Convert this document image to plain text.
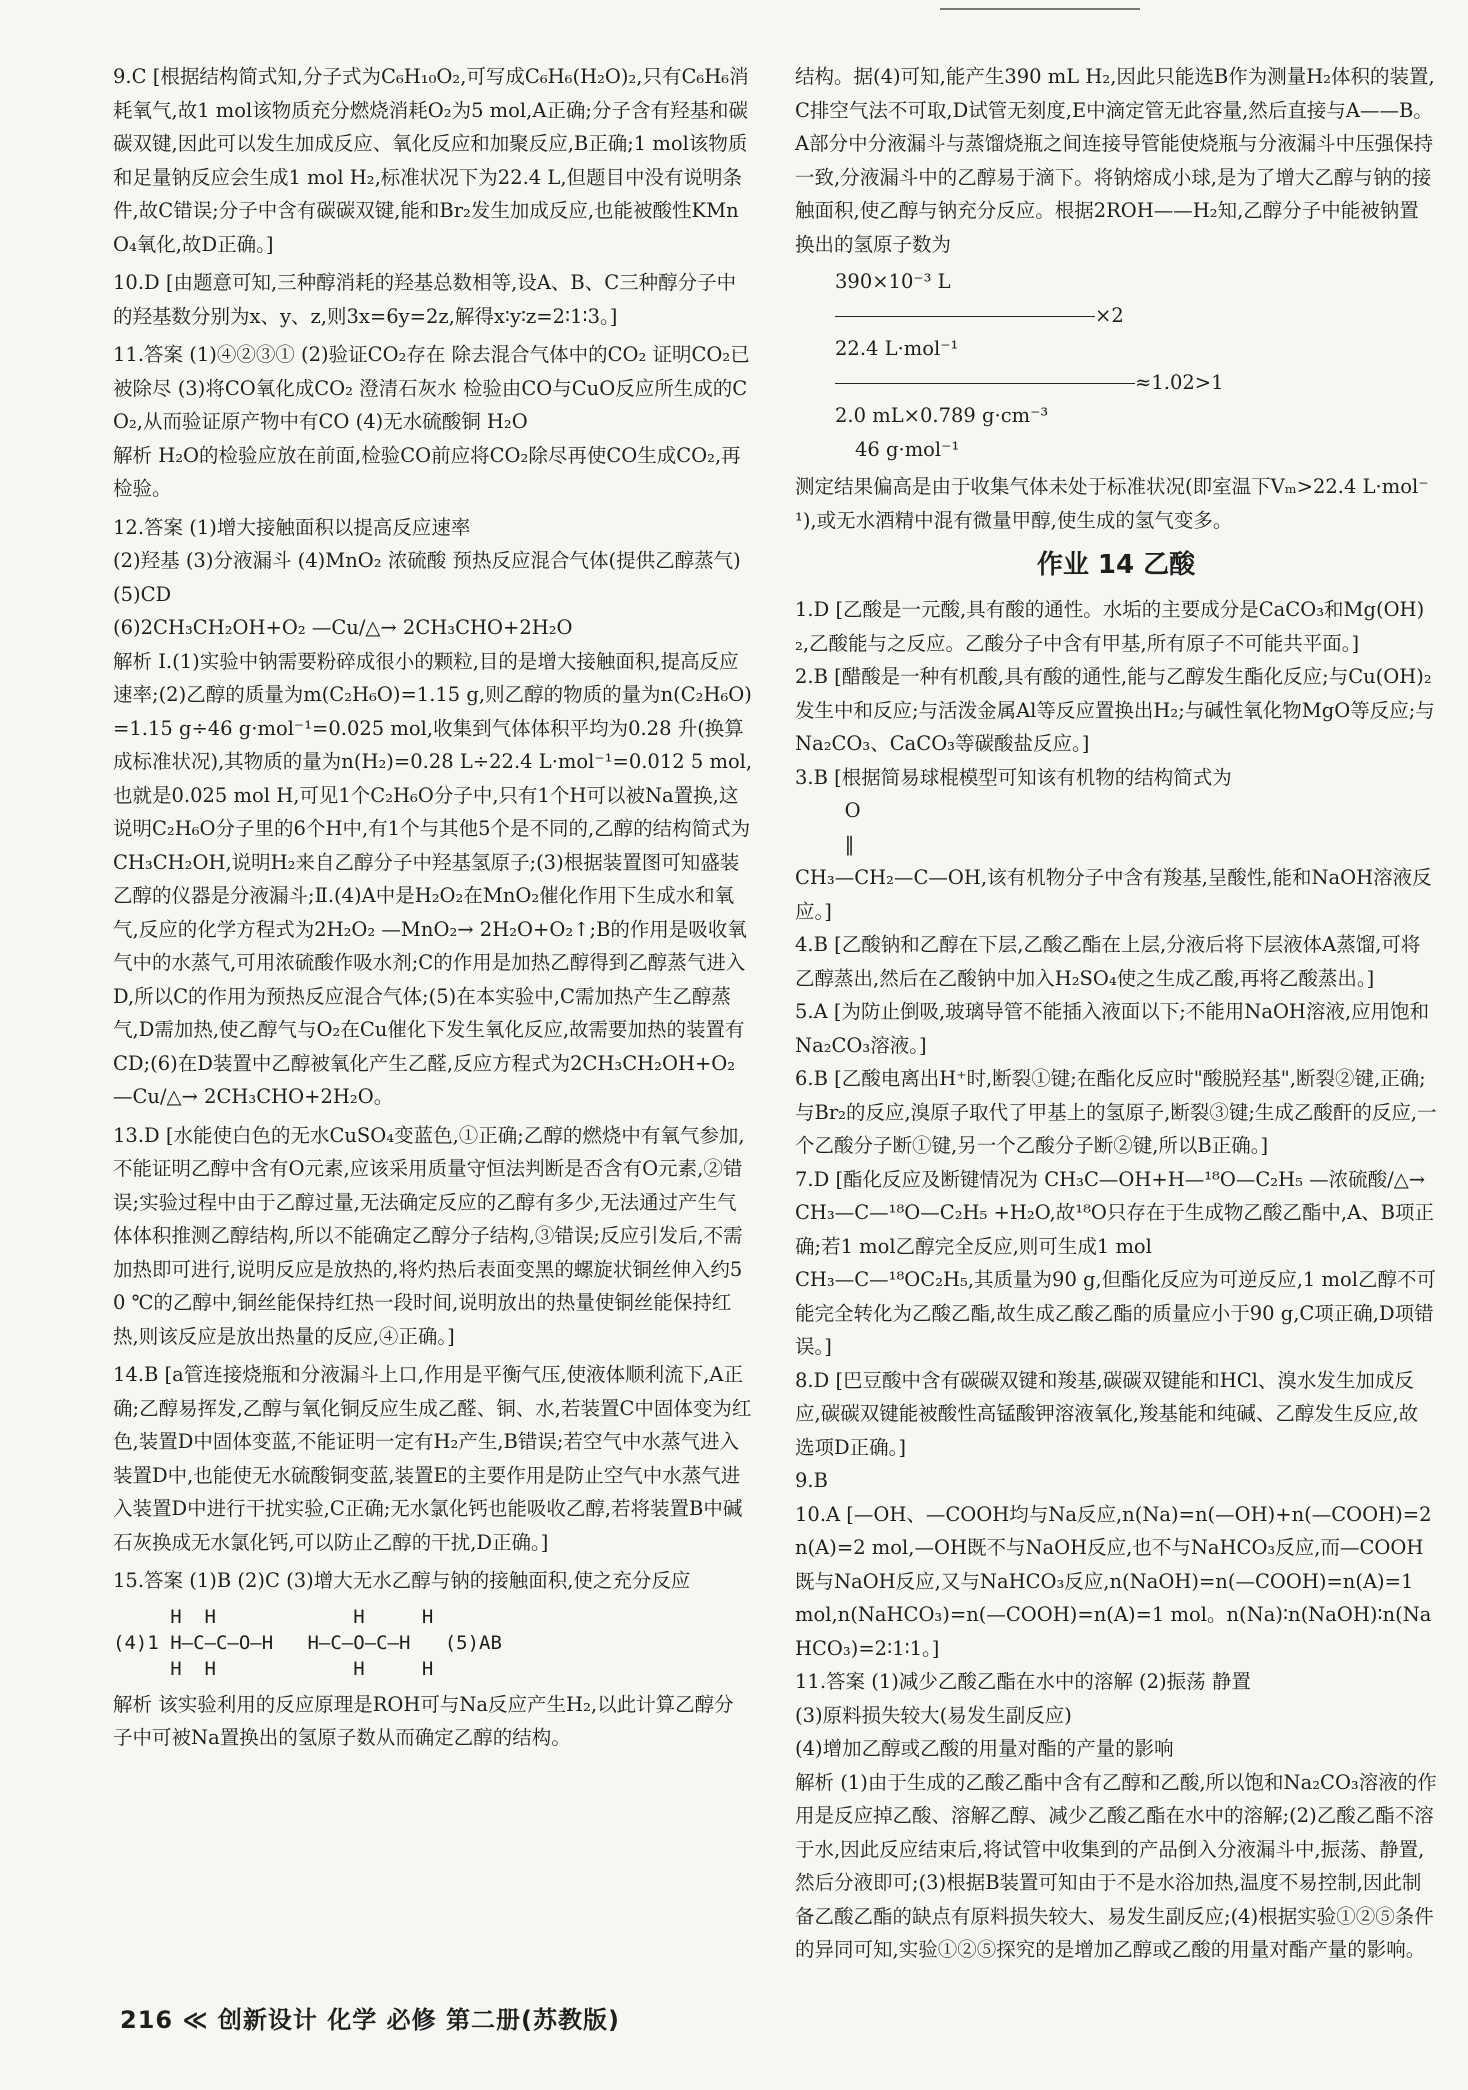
9.C [根据结构简式知,分子式为C₆H₁₀O₂,可写成C₆H₆(H₂O)₂,只有C₆H₆消耗氧气,故1 mol该物质充分燃烧消耗O₂为5 mol,A正确;分子含有羟基和碳碳双键,因此可以发生加成反应、氧化反应和加聚反应,B正确;1 mol该物质和足量钠反应会生成1 mol H₂,标准状况下为22.4 L,但题目中没有说明条件,故C错误;分子中含有碳碳双键,能和Br₂发生加成反应,也能被酸性KMnO₄氧化,故D正确。]

10.D [由题意可知,三种醇消耗的羟基总数相等,设A、B、C三种醇分子中的羟基数分别为x、y、z,则3x=6y=2z,解得x∶y∶z=2∶1∶3。]

11.答案 (1)④②③① (2)验证CO₂存在 除去混合气体中的CO₂ 证明CO₂已被除尽 (3)将CO氧化成CO₂ 澄清石灰水 检验由CO与CuO反应所生成的CO₂,从而验证原产物中有CO (4)无水硫酸铜 H₂O
解析 H₂O的检验应放在前面,检验CO前应将CO₂除尽再使CO生成CO₂,再检验。

12.答案 (1)增大接触面积以提高反应速率
(2)羟基 (3)分液漏斗 (4)MnO₂ 浓硫酸 预热反应混合气体(提供乙醇蒸气) (5)CD
(6)2CH₃CH₂OH+O₂ —Cu/△→ 2CH₃CHO+2H₂O
解析 Ⅰ.(1)实验中钠需要粉碎成很小的颗粒,目的是增大接触面积,提高反应速率;(2)乙醇的质量为m(C₂H₆O)=1.15 g,则乙醇的物质的量为n(C₂H₆O)=1.15 g÷46 g·mol⁻¹=0.025 mol,收集到气体体积平均为0.28 升(换算成标准状况),其物质的量为n(H₂)=0.28 L÷22.4 L·mol⁻¹=0.012 5 mol,也就是0.025 mol H,可见1个C₂H₆O分子中,只有1个H可以被Na置换,这说明C₂H₆O分子里的6个H中,有1个与其他5个是不同的,乙醇的结构简式为CH₃CH₂OH,说明H₂来自乙醇分子中羟基氢原子;(3)根据装置图可知盛装乙醇的仪器是分液漏斗;Ⅱ.(4)A中是H₂O₂在MnO₂催化作用下生成水和氧气,反应的化学方程式为2H₂O₂ —MnO₂→ 2H₂O+O₂↑;B的作用是吸收氧气中的水蒸气,可用浓硫酸作吸水剂;C的作用是加热乙醇得到乙醇蒸气进入D,所以C的作用为预热反应混合气体;(5)在本实验中,C需加热产生乙醇蒸气,D需加热,使乙醇气与O₂在Cu催化下发生氧化反应,故需要加热的装置有CD;(6)在D装置中乙醇被氧化产生乙醛,反应方程式为2CH₃CH₂OH+O₂ —Cu/△→ 2CH₃CHO+2H₂O。

13.D [水能使白色的无水CuSO₄变蓝色,①正确;乙醇的燃烧中有氧气参加,不能证明乙醇中含有O元素,应该采用质量守恒法判断是否含有O元素,②错误;实验过程中由于乙醇过量,无法确定反应的乙醇有多少,无法通过产生气体体积推测乙醇结构,所以不能确定乙醇分子结构,③错误;反应引发后,不需加热即可进行,说明反应是放热的,将灼热后表面变黑的螺旋状铜丝伸入约50 ℃的乙醇中,铜丝能保持红热一段时间,说明放出的热量使铜丝能保持红热,则该反应是放出热量的反应,④正确。]

14.B [a管连接烧瓶和分液漏斗上口,作用是平衡气压,使液体顺利流下,A正确;乙醇易挥发,乙醇与氧化铜反应生成乙醛、铜、水,若装置C中固体变为红色,装置D中固体变蓝,不能证明一定有H₂产生,B错误;若空气中水蒸气进入装置D中,也能使无水硫酸铜变蓝,装置E的主要作用是防止空气中水蒸气进入装置D中进行干扰实验,C正确;无水氯化钙也能吸收乙醇,若将装置B中碱石灰换成无水氯化钙,可以防止乙醇的干扰,D正确。]

15.答案 (1)B (2)C (3)增大无水乙醇与钠的接触面积,使之充分反应

H  H            H     H
(4)1 H—C—C—O—H   H—C—O—C—H   (5)AB
H  H            H     H

解析 该实验利用的反应原理是ROH可与Na反应产生H₂,以此计算乙醇分子中可被Na置换出的氢原子数从而确定乙醇的结构。

结构。据(4)可知,能产生390 mL H₂,因此只能选B作为测量H₂体积的装置,C排空气法不可取,D试管无刻度,E中滴定管无此容量,然后直接与A——B。A部分中分液漏斗与蒸馏烧瓶之间连接导管能使烧瓶与分液漏斗中压强保持一致,分液漏斗中的乙醇易于滴下。将钠熔成小球,是为了增大乙醇与钠的接触面积,使乙醇与钠充分反应。根据2ROH——H₂知,乙醇分子中能被钠置换出的氢原子数为

390×10⁻³ L
×2
22.4 L·mol⁻¹
≈1.02>1
2.0 mL×0.789 g·cm⁻³
46 g·mol⁻¹

测定结果偏高是由于收集气体未处于标准状况(即室温下Vₘ>22.4 L·mol⁻¹),或无水酒精中混有微量甲醇,使生成的氢气变多。

作业 14 乙酸

1.D [乙酸是一元酸,具有酸的通性。水垢的主要成分是CaCO₃和Mg(OH)₂,乙酸能与之反应。乙酸分子中含有甲基,所有原子不可能共平面。]

2.B [醋酸是一种有机酸,具有酸的通性,能与乙醇发生酯化反应;与Cu(OH)₂发生中和反应;与活泼金属Al等反应置换出H₂;与碱性氧化物MgO等反应;与Na₂CO₃、CaCO₃等碳酸盐反应。]

3.B [根据简易球棍模型可知该有机物的结构简式为
O
‖
CH₃—CH₂—C—OH,该有机物分子中含有羧基,呈酸性,能和NaOH溶液反应。]

4.B [乙酸钠和乙醇在下层,乙酸乙酯在上层,分液后将下层液体A蒸馏,可将乙醇蒸出,然后在乙酸钠中加入H₂SO₄使之生成乙酸,再将乙酸蒸出。]

5.A [为防止倒吸,玻璃导管不能插入液面以下;不能用NaOH溶液,应用饱和Na₂CO₃溶液。]

6.B [乙酸电离出H⁺时,断裂①键;在酯化反应时"酸脱羟基",断裂②键,正确;与Br₂的反应,溴原子取代了甲基上的氢原子,断裂③键;生成乙酸酐的反应,一个乙酸分子断①键,另一个乙酸分子断②键,所以B正确。]

7.D [酯化反应及断键情况为 CH₃C—OH+H—¹⁸O—C₂H₅ —浓硫酸/△→
CH₃—C—¹⁸O—C₂H₅ +H₂O,故¹⁸O只存在于生成物乙酸乙酯中,A、B项正确;若1 mol乙醇完全反应,则可生成1 mol
CH₃—C—¹⁸OC₂H₅,其质量为90 g,但酯化反应为可逆反应,1 mol乙醇不可能完全转化为乙酸乙酯,故生成乙酸乙酯的质量应小于90 g,C项正确,D项错误。]

8.D [巴豆酸中含有碳碳双键和羧基,碳碳双键能和HCl、溴水发生加成反应,碳碳双键能被酸性高锰酸钾溶液氧化,羧基能和纯碱、乙醇发生反应,故选项D正确。]

9.B

10.A [—OH、—COOH均与Na反应,n(Na)=n(—OH)+n(—COOH)=2n(A)=2 mol,—OH既不与NaOH反应,也不与NaHCO₃反应,而—COOH既与NaOH反应,又与NaHCO₃反应,n(NaOH)=n(—COOH)=n(A)=1 mol,n(NaHCO₃)=n(—COOH)=n(A)=1 mol。n(Na)∶n(NaOH)∶n(NaHCO₃)=2∶1∶1。]

11.答案 (1)减少乙酸乙酯在水中的溶解 (2)振荡 静置
(3)原料损失较大(易发生副反应)
(4)增加乙醇或乙酸的用量对酯的产量的影响
解析 (1)由于生成的乙酸乙酯中含有乙醇和乙酸,所以饱和Na₂CO₃溶液的作用是反应掉乙酸、溶解乙醇、减少乙酸乙酯在水中的溶解;(2)乙酸乙酯不溶于水,因此反应结束后,将试管中收集到的产品倒入分液漏斗中,振荡、静置,然后分液即可;(3)根据B装置可知由于不是水浴加热,温度不易控制,因此制备乙酸乙酯的缺点有原料损失较大、易发生副反应;(4)根据实验①②⑤条件的异同可知,实验①②⑤探究的是增加乙醇或乙酸的用量对酯产量的影响。

216 ≪ 创新设计 化学 必修 第二册(苏教版)
